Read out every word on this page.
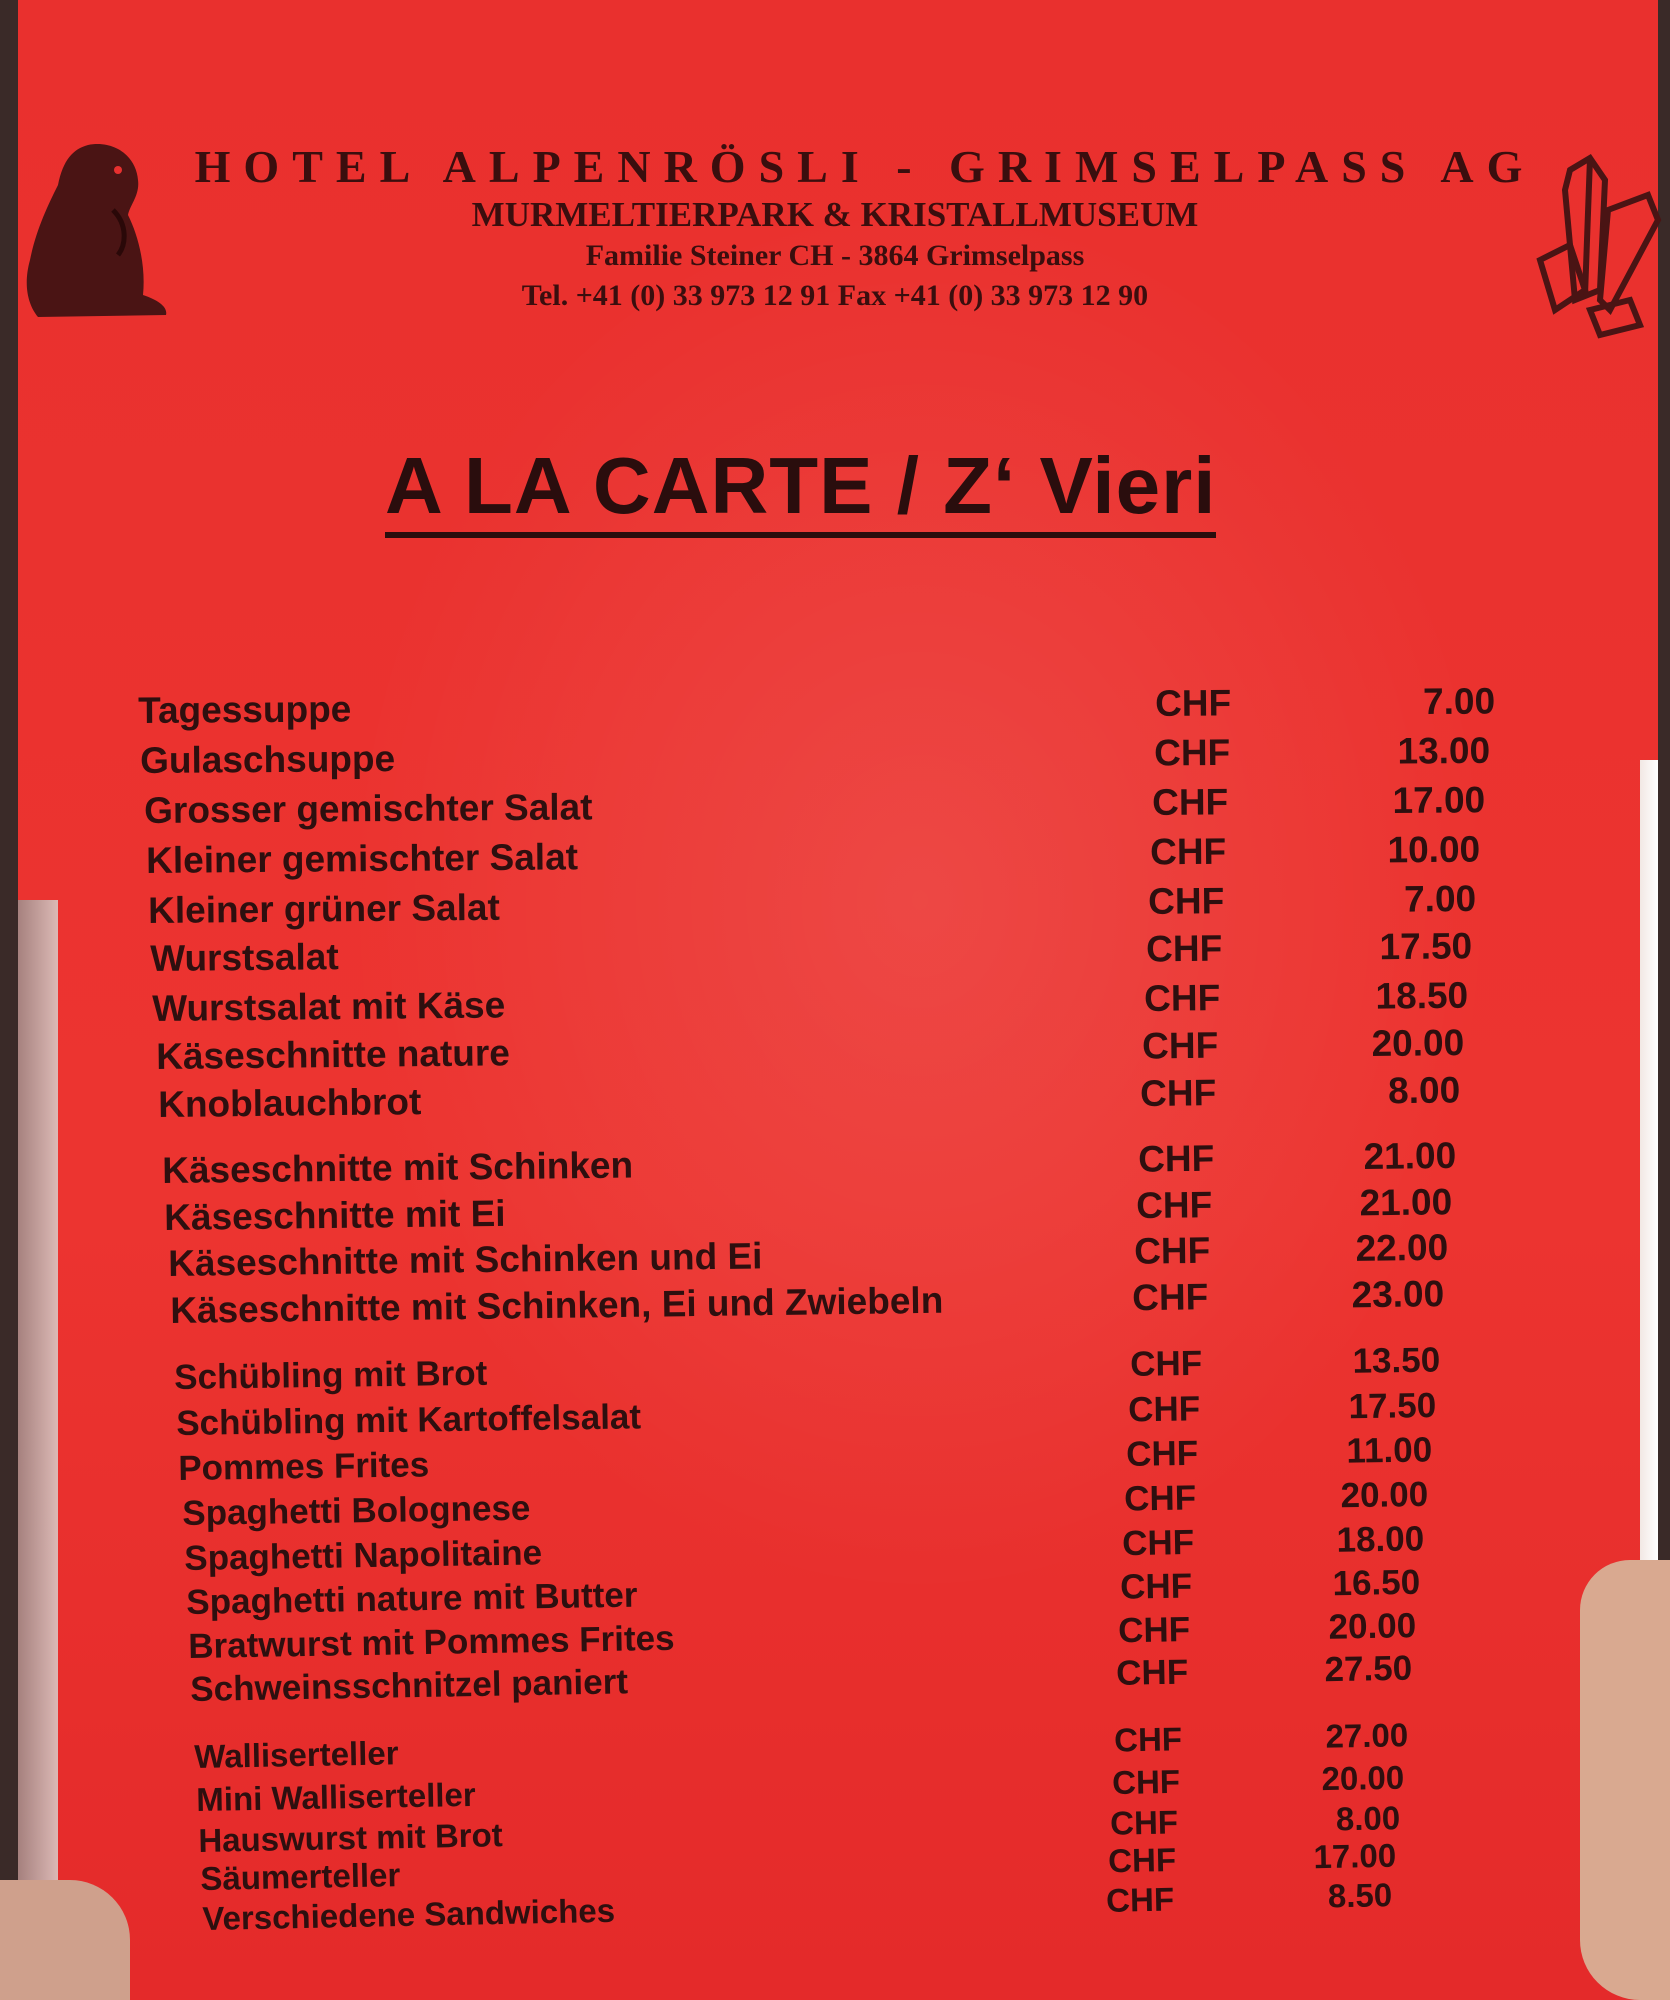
HOTEL ALPENRÖSLI - GRIMSELPASS AG
MURMELTIERPARK & KRISTALLMUSEUM
Familie Steiner CH - 3864 Grimselpass
Tel. +41 (0) 33 973 12 91 Fax +41 (0) 33 973 12 90
A LA CARTE / Z‘ Vieri
Tagessuppe	CHF	7.00
Gulaschsuppe	CHF	13.00
Grosser gemischter Salat	CHF	17.00
Kleiner gemischter Salat	CHF	10.00
Kleiner grüner Salat	CHF	7.00
Wurstsalat	CHF	17.50
Wurstsalat mit Käse	CHF	18.50
Käseschnitte nature	CHF	20.00
Knoblauchbrot	CHF	8.00
Käseschnitte mit Schinken	CHF	21.00
Käseschnitte mit Ei	CHF	21.00
Käseschnitte mit Schinken und Ei	CHF	22.00
Käseschnitte mit Schinken, Ei und Zwiebeln	CHF	23.00
Schübling mit Brot	CHF	13.50
Schübling mit Kartoffelsalat	CHF	17.50
Pommes Frites	CHF	11.00
Spaghetti Bolognese	CHF	20.00
Spaghetti Napolitaine	CHF	18.00
Spaghetti nature mit Butter	CHF	16.50
Bratwurst mit Pommes Frites	CHF	20.00
Schweinsschnitzel paniert	CHF	27.50
Walliserteller	CHF	27.00
Mini Walliserteller	CHF	20.00
Hauswurst mit Brot	CHF	8.00
Säumerteller	CHF	17.00
Verschiedene Sandwiches	CHF	8.50
